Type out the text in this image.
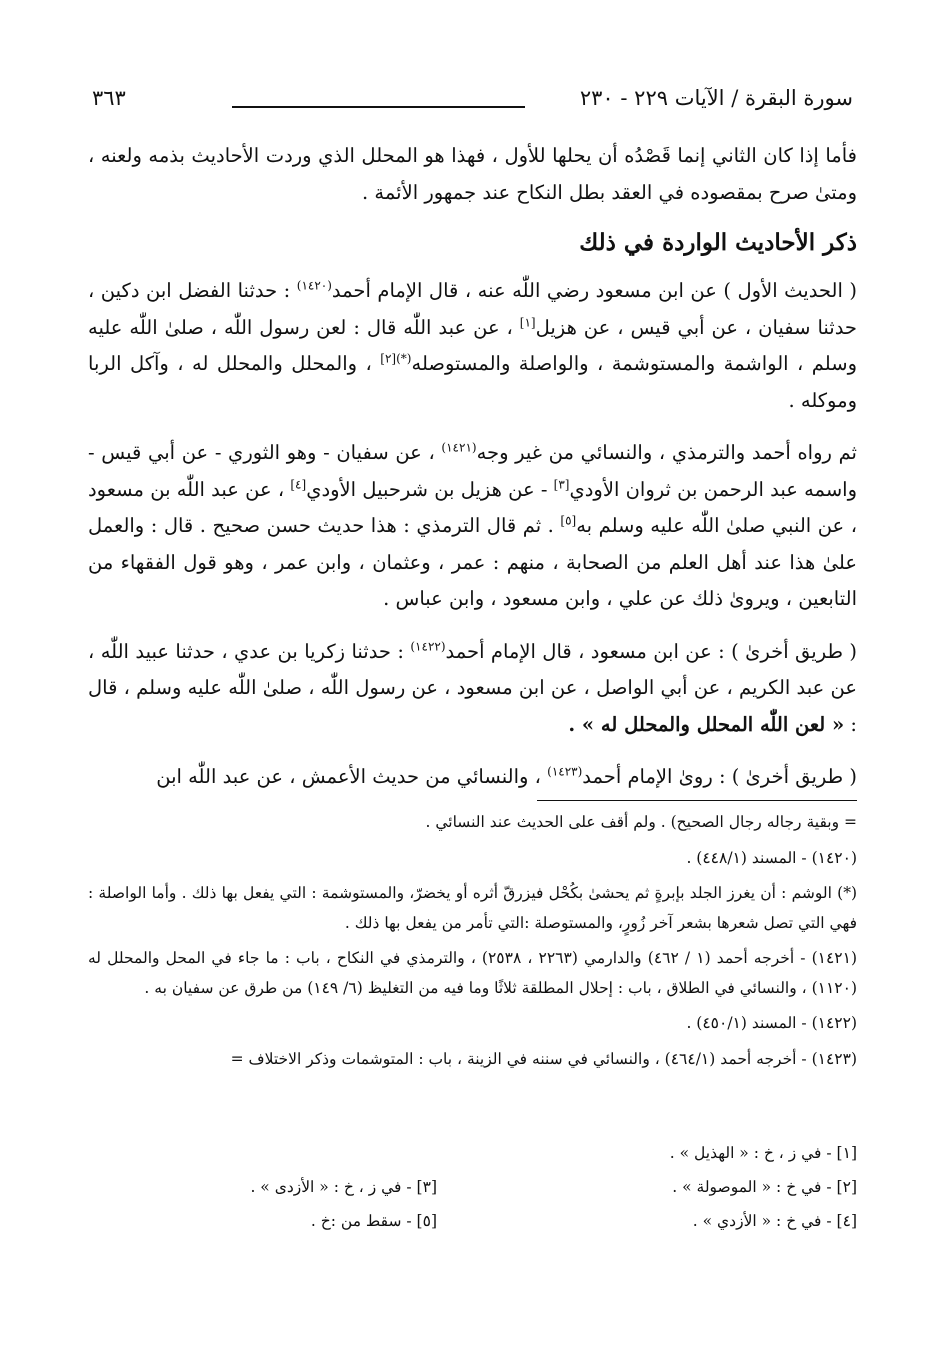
سورة البقرة / الآيات ٢٢٩ - ٢٣٠
٣٦٣

فأما إذا كان الثاني إنما قَصْدُه أن يحلها للأول ، فهذا هو المحلل الذي وردت الأحاديث بذمه ولعنه ، ومتىٰ صرح بمقصوده في العقد بطل النكاح عند جمهور الأئمة .

ذكر الأحاديث الواردة في ذلك

( الحديث الأول ) عن ابن مسعود رضي اللّٰه عنه ، قال الإمام أحمد$^{(١٤٢٠)}$ : حدثنا الفضل ابن دكين ، حدثنا سفيان ، عن أبي قيس ، عن هزيل[١] ، عن عبد اللّٰه قال : لعن رسول اللّٰه ، صلىٰ اللّٰه عليه وسلم ، الواشمة والمستوشمة ، والواصلة والمستوصله$^{(*)[٢]}$ ، والمحلل والمحلل له ، وآكل الربا وموكله .

ثم رواه أحمد والترمذي ، والنسائي من غير وجه$^{(١٤٢١)}$ ، عن سفيان - وهو الثوري - عن أبي قيس - واسمه عبد الرحمن بن ثروان الأودي[٣] - عن هزيل بن شرحبيل الأودي[٤] ، عن عبد اللّٰه بن مسعود ، عن النبي صلىٰ اللّٰه عليه وسلم به[٥] . ثم قال الترمذي : هذا حديث حسن صحيح . قال : والعمل علىٰ هذا عند أهل العلم من الصحابة ، منهم : عمر ، وعثمان ، وابن عمر ، وهو قول الفقهاء من التابعين ، ويروىٰ ذلك عن علي ، وابن مسعود ، وابن عباس .

( طريق أخرىٰ ) : عن ابن مسعود ، قال الإمام أحمد$^{(١٤٢٢)}$ : حدثنا زكريا بن عدي ، حدثنا عبيد اللّٰه ، عن عبد الكريم ، عن أبي الواصل ، عن ابن مسعود ، عن رسول اللّٰه ، صلىٰ اللّٰه عليه وسلم ، قال : « لعن اللّٰه المحلل والمحلل له » .

( طريق أخرىٰ ) : روىٰ الإمام أحمد$^{(١٤٢٣)}$ ، والنسائي من حديث الأعمش ، عن عبد اللّٰه ابن

= وبقية رجاله رجال الصحيح) . ولم أقف على الحديث عند النسائي .

(١٤٢٠) - المسند (٤٤٨/١) .

(*) الوشم : أن يغرز الجلد بإبرةٍ ثم يحشىٰ بكُحْل فيزرقّ أثره أو يخضرّ، والمستوشمة : التي يفعل بها ذلك . وأما الواصلة : فهي التي تصل شعرها بشعر آخر زُورٍ، والمستوصلة :التي تأمر من يفعل بها ذلك .

(١٤٢١) - أخرجه أحمد (١ / ٤٦٢) والدارمي (٢٢٦٣ ، ٢٥٣٨) ، والترمذي في النكاح ، باب : ما جاء في المحل والمحلل له (١١٢٠) ، والنسائي في الطلاق ، باب : إحلال المطلقة ثلاثًا وما فيه من التغليظ (٦/ ١٤٩) من طرق عن سفيان به .

(١٤٢٢) - المسند (٤٥٠/١) .

(١٤٢٣) - أخرجه أحمد (٤٦٤/١) ، والنسائي في سننه في الزينة ، باب : المتوشمات وذكر الاختلاف =

[١] - في ز ، خ : « الهذيل » .
[٢] - في خ : « الموصولة » .
[٣] - في ز ، خ : « الأزدى » .
[٤] - في خ : « الأزدي » .
[٥] - سقط من :خ .
